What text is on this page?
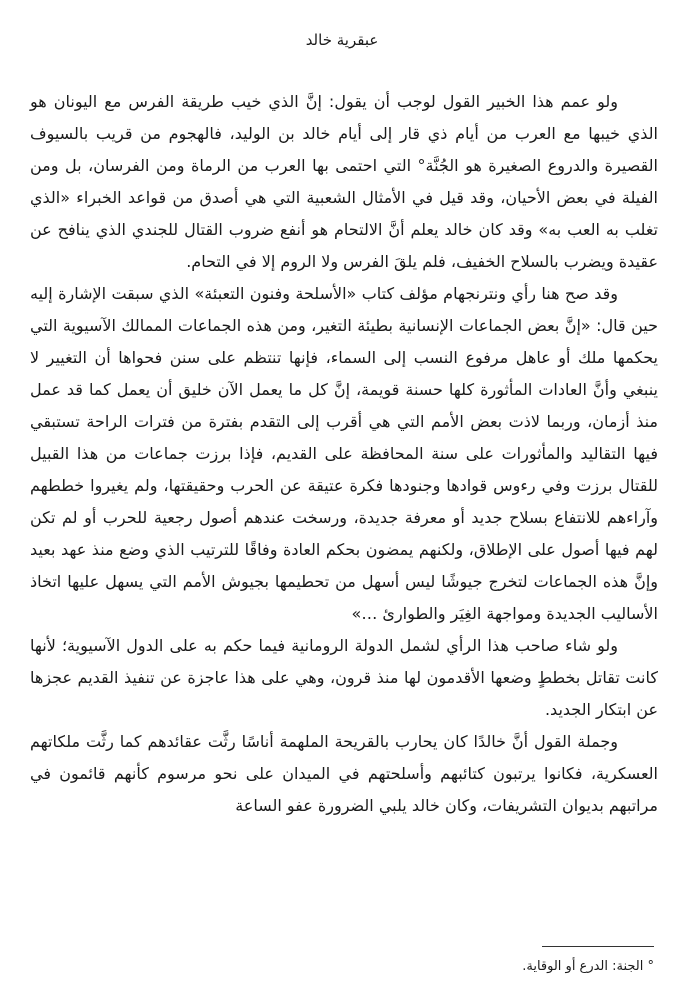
عبقرية خالد

ولو عمم هذا الخبير القول لوجب أن يقول: إنَّ الذي خيب طريقة الفرس مع اليونان هو الذي خيبها مع العرب من أيام ذي قار إلى أيام خالد بن الوليد، فالهجوم من قريب بالسيوف القصيرة والدروع الصغيرة هو الجُنَّة° التي احتمى بها العرب من الرماة ومن الفرسان، بل ومن الفيلة في بعض الأحيان، وقد قيل في الأمثال الشعبية التي هي أصدق من قواعد الخبراء «الذي تغلب به العب به» وقد كان خالد يعلم أنَّ الالتحام هو أنفع ضروب القتال للجندي الذي ينافح عن عقيدة ويضرب بالسلاح الخفيف، فلم يلقَ الفرس ولا الروم إلا في التحام.

وقد صح هنا رأي ونترنجهام مؤلف كتاب «الأسلحة وفنون التعبئة» الذي سبقت الإشارة إليه حين قال: «إنَّ بعض الجماعات الإنسانية بطيئة التغير، ومن هذه الجماعات الممالك الآسيوية التي يحكمها ملك أو عاهل مرفوع النسب إلى السماء، فإنها تنتظم على سنن فحواها أن التغيير لا ينبغي وأنَّ العادات المأثورة كلها حسنة قويمة، إنَّ كل ما يعمل الآن خليق أن يعمل كما قد عمل منذ أزمان، وربما لاذت بعض الأمم التي هي أقرب إلى التقدم بفترة من فترات الراحة تستبقي فيها التقاليد والمأثورات على سنة المحافظة على القديم، فإذا برزت جماعات من هذا القبيل للقتال برزت وفي رءوس قوادها وجنودها فكرة عتيقة عن الحرب وحقيقتها، ولم يغيروا خططهم وآراءهم للانتفاع بسلاح جديد أو معرفة جديدة، ورسخت عندهم أصول رجعية للحرب أو لم تكن لهم فيها أصول على الإطلاق، ولكنهم يمضون بحكم العادة وفاقًا للترتيب الذي وضع منذ عهد بعيد وإنَّ هذه الجماعات لتخرج جيوشًا ليس أسهل من تحطيمها بجيوش الأمم التي يسهل عليها اتخاذ الأساليب الجديدة ومواجهة الغِيَر والطوارئ …»

ولو شاء صاحب هذا الرأي لشمل الدولة الرومانية فيما حكم به على الدول الآسيوية؛ لأنها كانت تقاتل بخططٍ وضعها الأقدمون لها منذ قرون، وهي على هذا عاجزة عن تنفيذ القديم عجزها عن ابتكار الجديد.

وجملة القول أنَّ خالدًا كان يحارب بالقريحة الملهمة أناسًا رثَّت عقائدهم كما رثَّت ملكاتهم العسكرية، فكانوا يرتبون كتائبهم وأسلحتهم في الميدان على نحو مرسوم كأنهم قائمون في مراتبهم بديوان التشريفات، وكان خالد يلبي الضرورة عفو الساعة

° الجنة: الدرع أو الوقاية.
